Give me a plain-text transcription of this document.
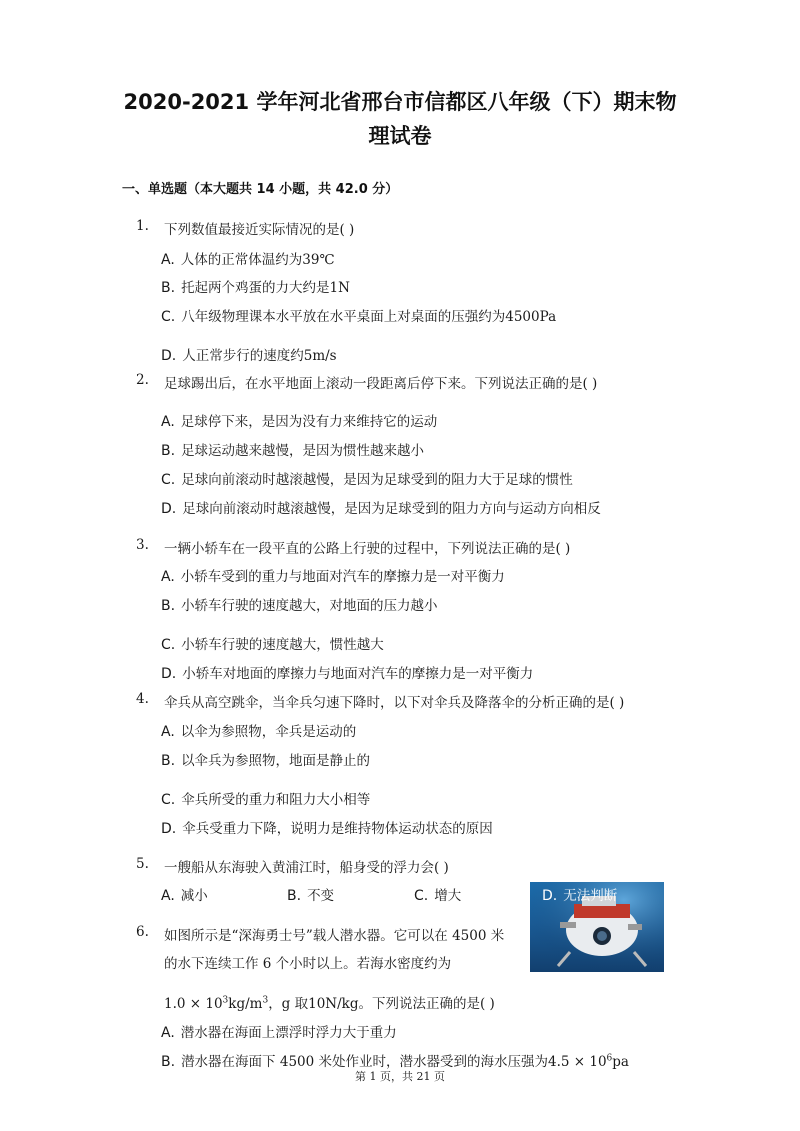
2020-2021 学年河北省邢台市信都区八年级（下）期末物
理试卷
一、单选题（本大题共 14 小题，共 42.0 分）
1. 下列数值最接近实际情况的是( )
A. 人体的正常体温约为39℃
B. 托起两个鸡蛋的力大约是1N
C. 八年级物理课本水平放在水平桌面上对桌面的压强约为4500Pa
D. 人正常步行的速度约5m/s
2. 足球踢出后，在水平地面上滚动一段距离后停下来。下列说法正确的是( )
A. 足球停下来，是因为没有力来维持它的运动
B. 足球运动越来越慢，是因为惯性越来越小
C. 足球向前滚动时越滚越慢，是因为足球受到的阻力大于足球的惯性
D. 足球向前滚动时越滚越慢，是因为足球受到的阻力方向与运动方向相反
3. 一辆小轿车在一段平直的公路上行驶的过程中，下列说法正确的是( )
A. 小轿车受到的重力与地面对汽车的摩擦力是一对平衡力
B. 小轿车行驶的速度越大，对地面的压力越小
C. 小轿车行驶的速度越大，惯性越大
D. 小轿车对地面的摩擦力与地面对汽车的摩擦力是一对平衡力
4. 伞兵从高空跳伞，当伞兵匀速下降时，以下对伞兵及降落伞的分析正确的是( )
A. 以伞为参照物，伞兵是运动的
B. 以伞兵为参照物，地面是静止的
C. 伞兵所受的重力和阻力大小相等
D. 伞兵受重力下降，说明力是维持物体运动状态的原因
5. 一艘船从东海驶入黄浦江时，船身受的浮力会( )
A. 减小	B. 不变	C. 增大	D. 无法判断
6. 如图所示是“深海勇士号”载人潜水器。它可以在 4500 米
的水下连续工作 6 个小时以上。若海水密度约为
$1.0 \times 10^3kg/m^3$，g 取10N/kg。下列说法正确的是( )
A. 潜水器在海面上漂浮时浮力大于重力
B. 潜水器在海面下 4500 米处作业时，潜水器受到的海水压强为$4.5 \times 10^6pa$
第 1 页，共 21 页
